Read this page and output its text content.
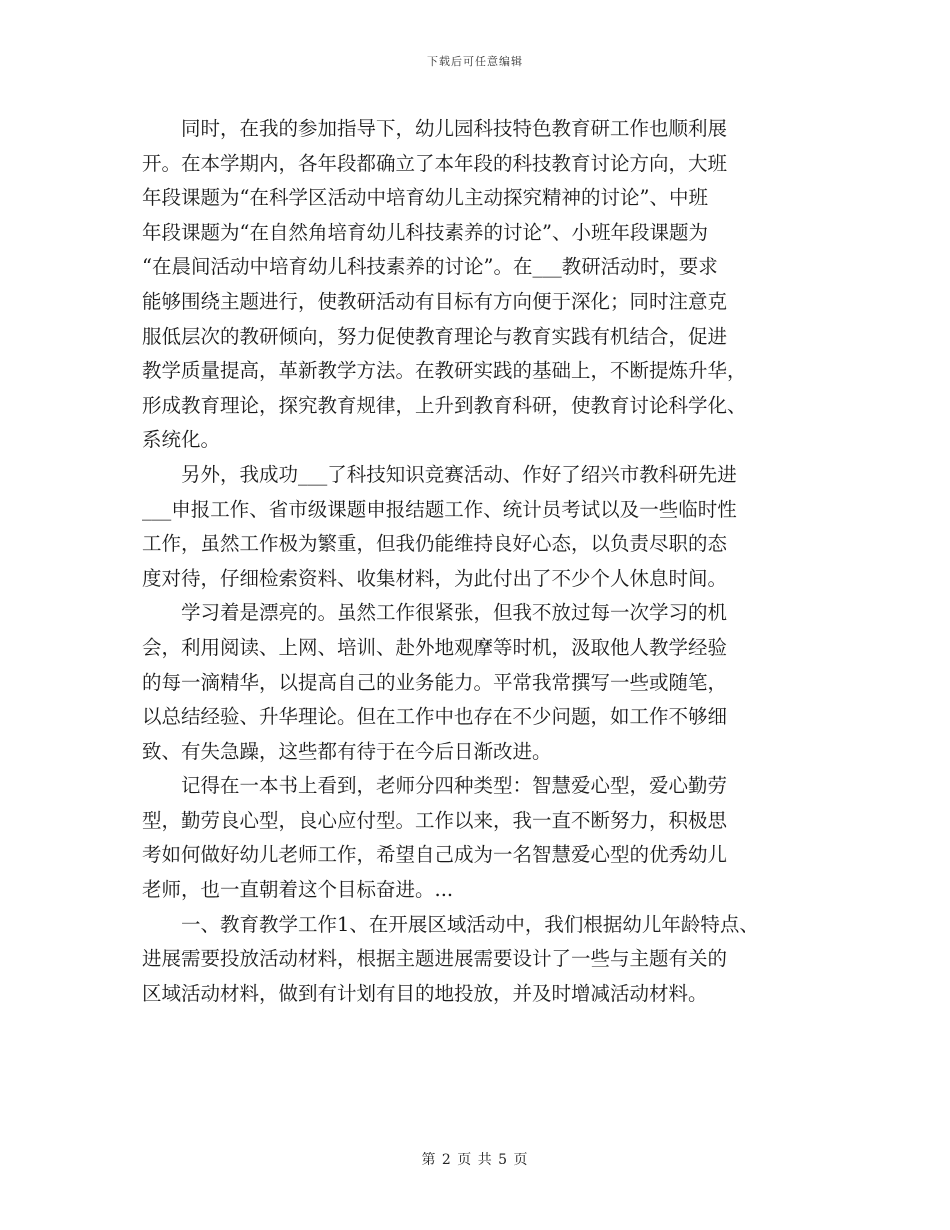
下载后可任意编辑
同时，在我的参加指导下，幼儿园科技特色教育研工作也顺利展
开。在本学期内，各年段都确立了本年段的科技教育讨论方向，大班
年段课题为“在科学区活动中培育幼儿主动探究精神的讨论”、中班
年段课题为“在自然角培育幼儿科技素养的讨论”、小班年段课题为
“在晨间活动中培育幼儿科技素养的讨论”。在___教研活动时，要求
能够围绕主题进行，使教研活动有目标有方向便于深化；同时注意克
服低层次的教研倾向，努力促使教育理论与教育实践有机结合，促进
教学质量提高，革新教学方法。在教研实践的基础上，不断提炼升华，
形成教育理论，探究教育规律，上升到教育科研，使教育讨论科学化、
系统化。
另外，我成功___了科技知识竞赛活动、作好了绍兴市教科研先进
___申报工作、省市级课题申报结题工作、统计员考试以及一些临时性
工作，虽然工作极为繁重，但我仍能维持良好心态，以负责尽职的态
度对待，仔细检索资料、收集材料，为此付出了不少个人休息时间。
学习着是漂亮的。虽然工作很紧张，但我不放过每一次学习的机
会，利用阅读、上网、培训、赴外地观摩等时机，汲取他人教学经验
的每一滴精华，以提高自己的业务能力。平常我常撰写一些或随笔，
以总结经验、升华理论。但在工作中也存在不少问题，如工作不够细
致、有失急躁，这些都有待于在今后日渐改进。
记得在一本书上看到，老师分四种类型：智慧爱心型，爱心勤劳
型，勤劳良心型，良心应付型。工作以来，我一直不断努力，积极思
考如何做好幼儿老师工作，希望自己成为一名智慧爱心型的优秀幼儿
老师，也一直朝着这个目标奋进。...
一、教育教学工作1、在开展区域活动中，我们根据幼儿年龄特点、
进展需要投放活动材料，根据主题进展需要设计了一些与主题有关的
区域活动材料，做到有计划有目的地投放，并及时增减活动材料。
第 2 页 共 5 页
